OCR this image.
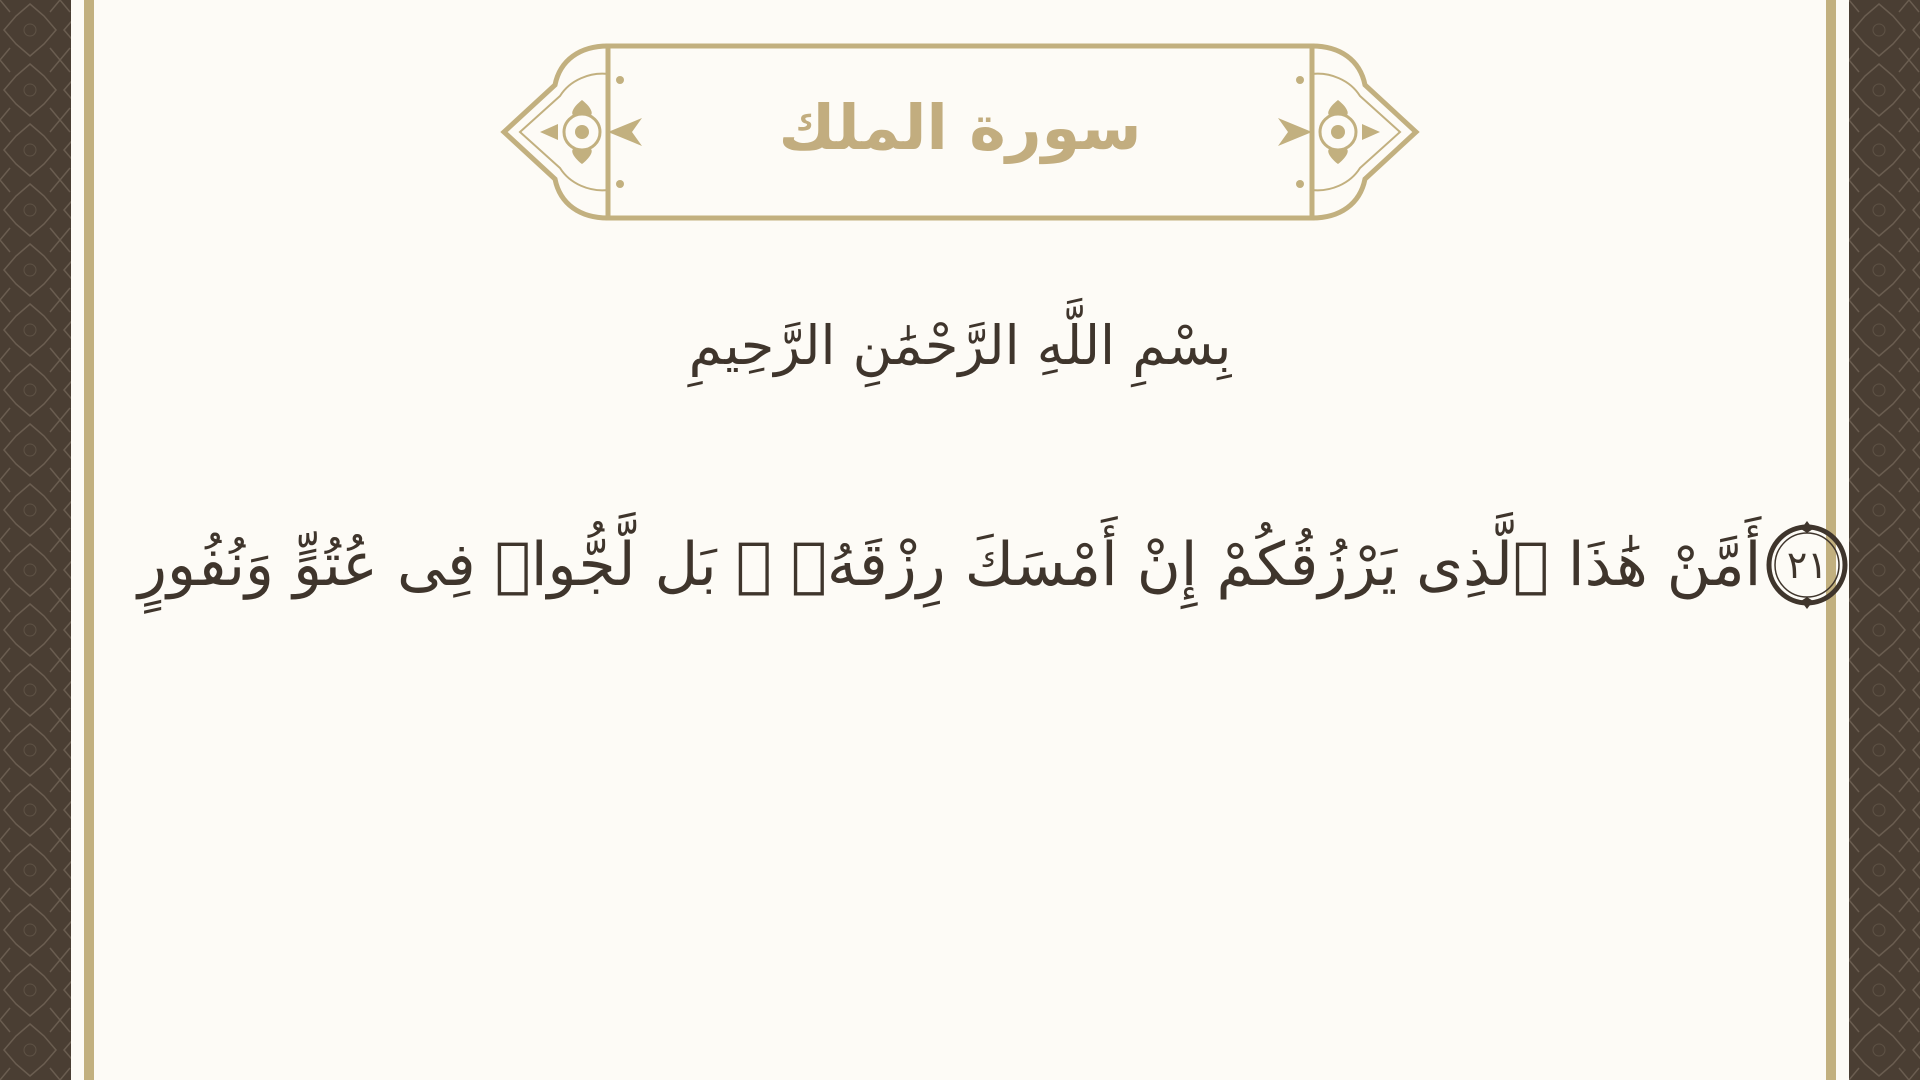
سورة الملك
بِسْمِ اللَّهِ الرَّحْمَٰنِ الرَّحِيمِ
أَمَّنْ هَٰذَا ٱلَّذِى يَرْزُقُكُمْ إِنْ أَمْسَكَ رِزْقَهُۥ ۚ بَل لَّجُّوا۟ فِى عُتُوٍّ وَنُفُورٍ ٢١
